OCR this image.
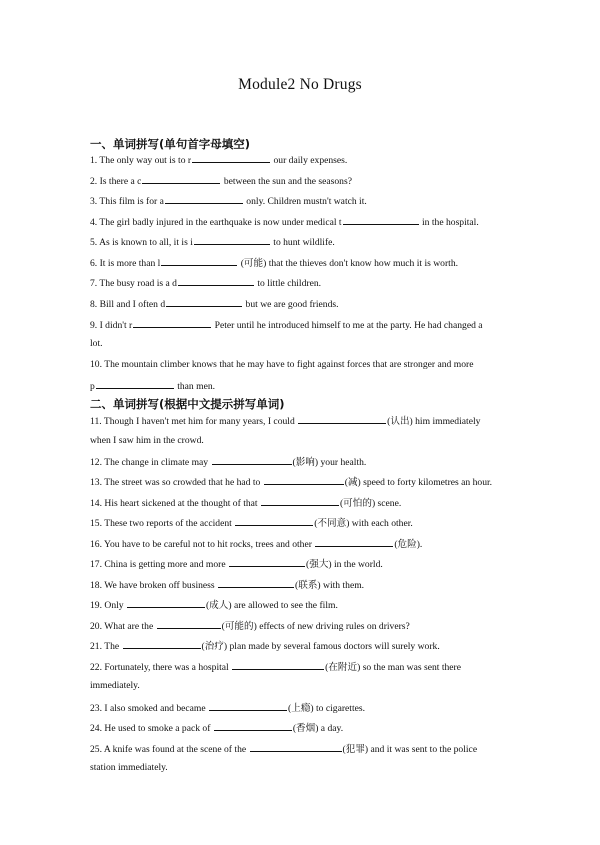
Module2 No Drugs
一、单词拼写(单句首字母填空)
1. The only way out is to r	our daily expenses.
2. Is there a c	between the sun and the seasons?
3. This film is for a	only. Children mustn't watch it.
4. The girl badly injured in the earthquake is now under medical t	in the hospital.
5. As is known to all, it is i	to hunt wildlife.
6. It is more than l	(可能) that the thieves don't know how much it is worth.
7. The busy road is a d	to little children.
8. Bill and I often d	but we are good friends.
9. I didn't r	Peter until he introduced himself to me at the party. He had changed a
lot.
10. The mountain climber knows that he may have to fight against forces that are stronger and more
p	than men.
二、单词拼写(根据中文提示拼写单词)
11. Though I haven't met him for many years, I could	(认出) him immediately
when I saw him in the crowd.
12. The change in climate may	(影响) your health.
13. The street was so crowded that he had to	(减) speed to forty kilometres an hour.
14. His heart sickened at the thought of that	(可怕的) scene.
15. These two reports of the accident	(不同意) with each other.
16. You have to be careful not to hit rocks, trees and other	(危险).
17. China is getting more and more	(强大) in the world.
18. We have broken off business	(联系) with them.
19. Only	(成人) are allowed to see the film.
20. What are the	(可能的) effects of new driving rules on drivers?
21. The	(治疗) plan made by several famous doctors will surely work.
22. Fortunately, there was a hospital	(在附近) so the man was sent there
immediately.
23. I also smoked and became	(上瘾) to cigarettes.
24. He used to smoke a pack of	(香烟) a day.
25. A knife was found at the scene of the	(犯罪) and it was sent to the police
station immediately.
